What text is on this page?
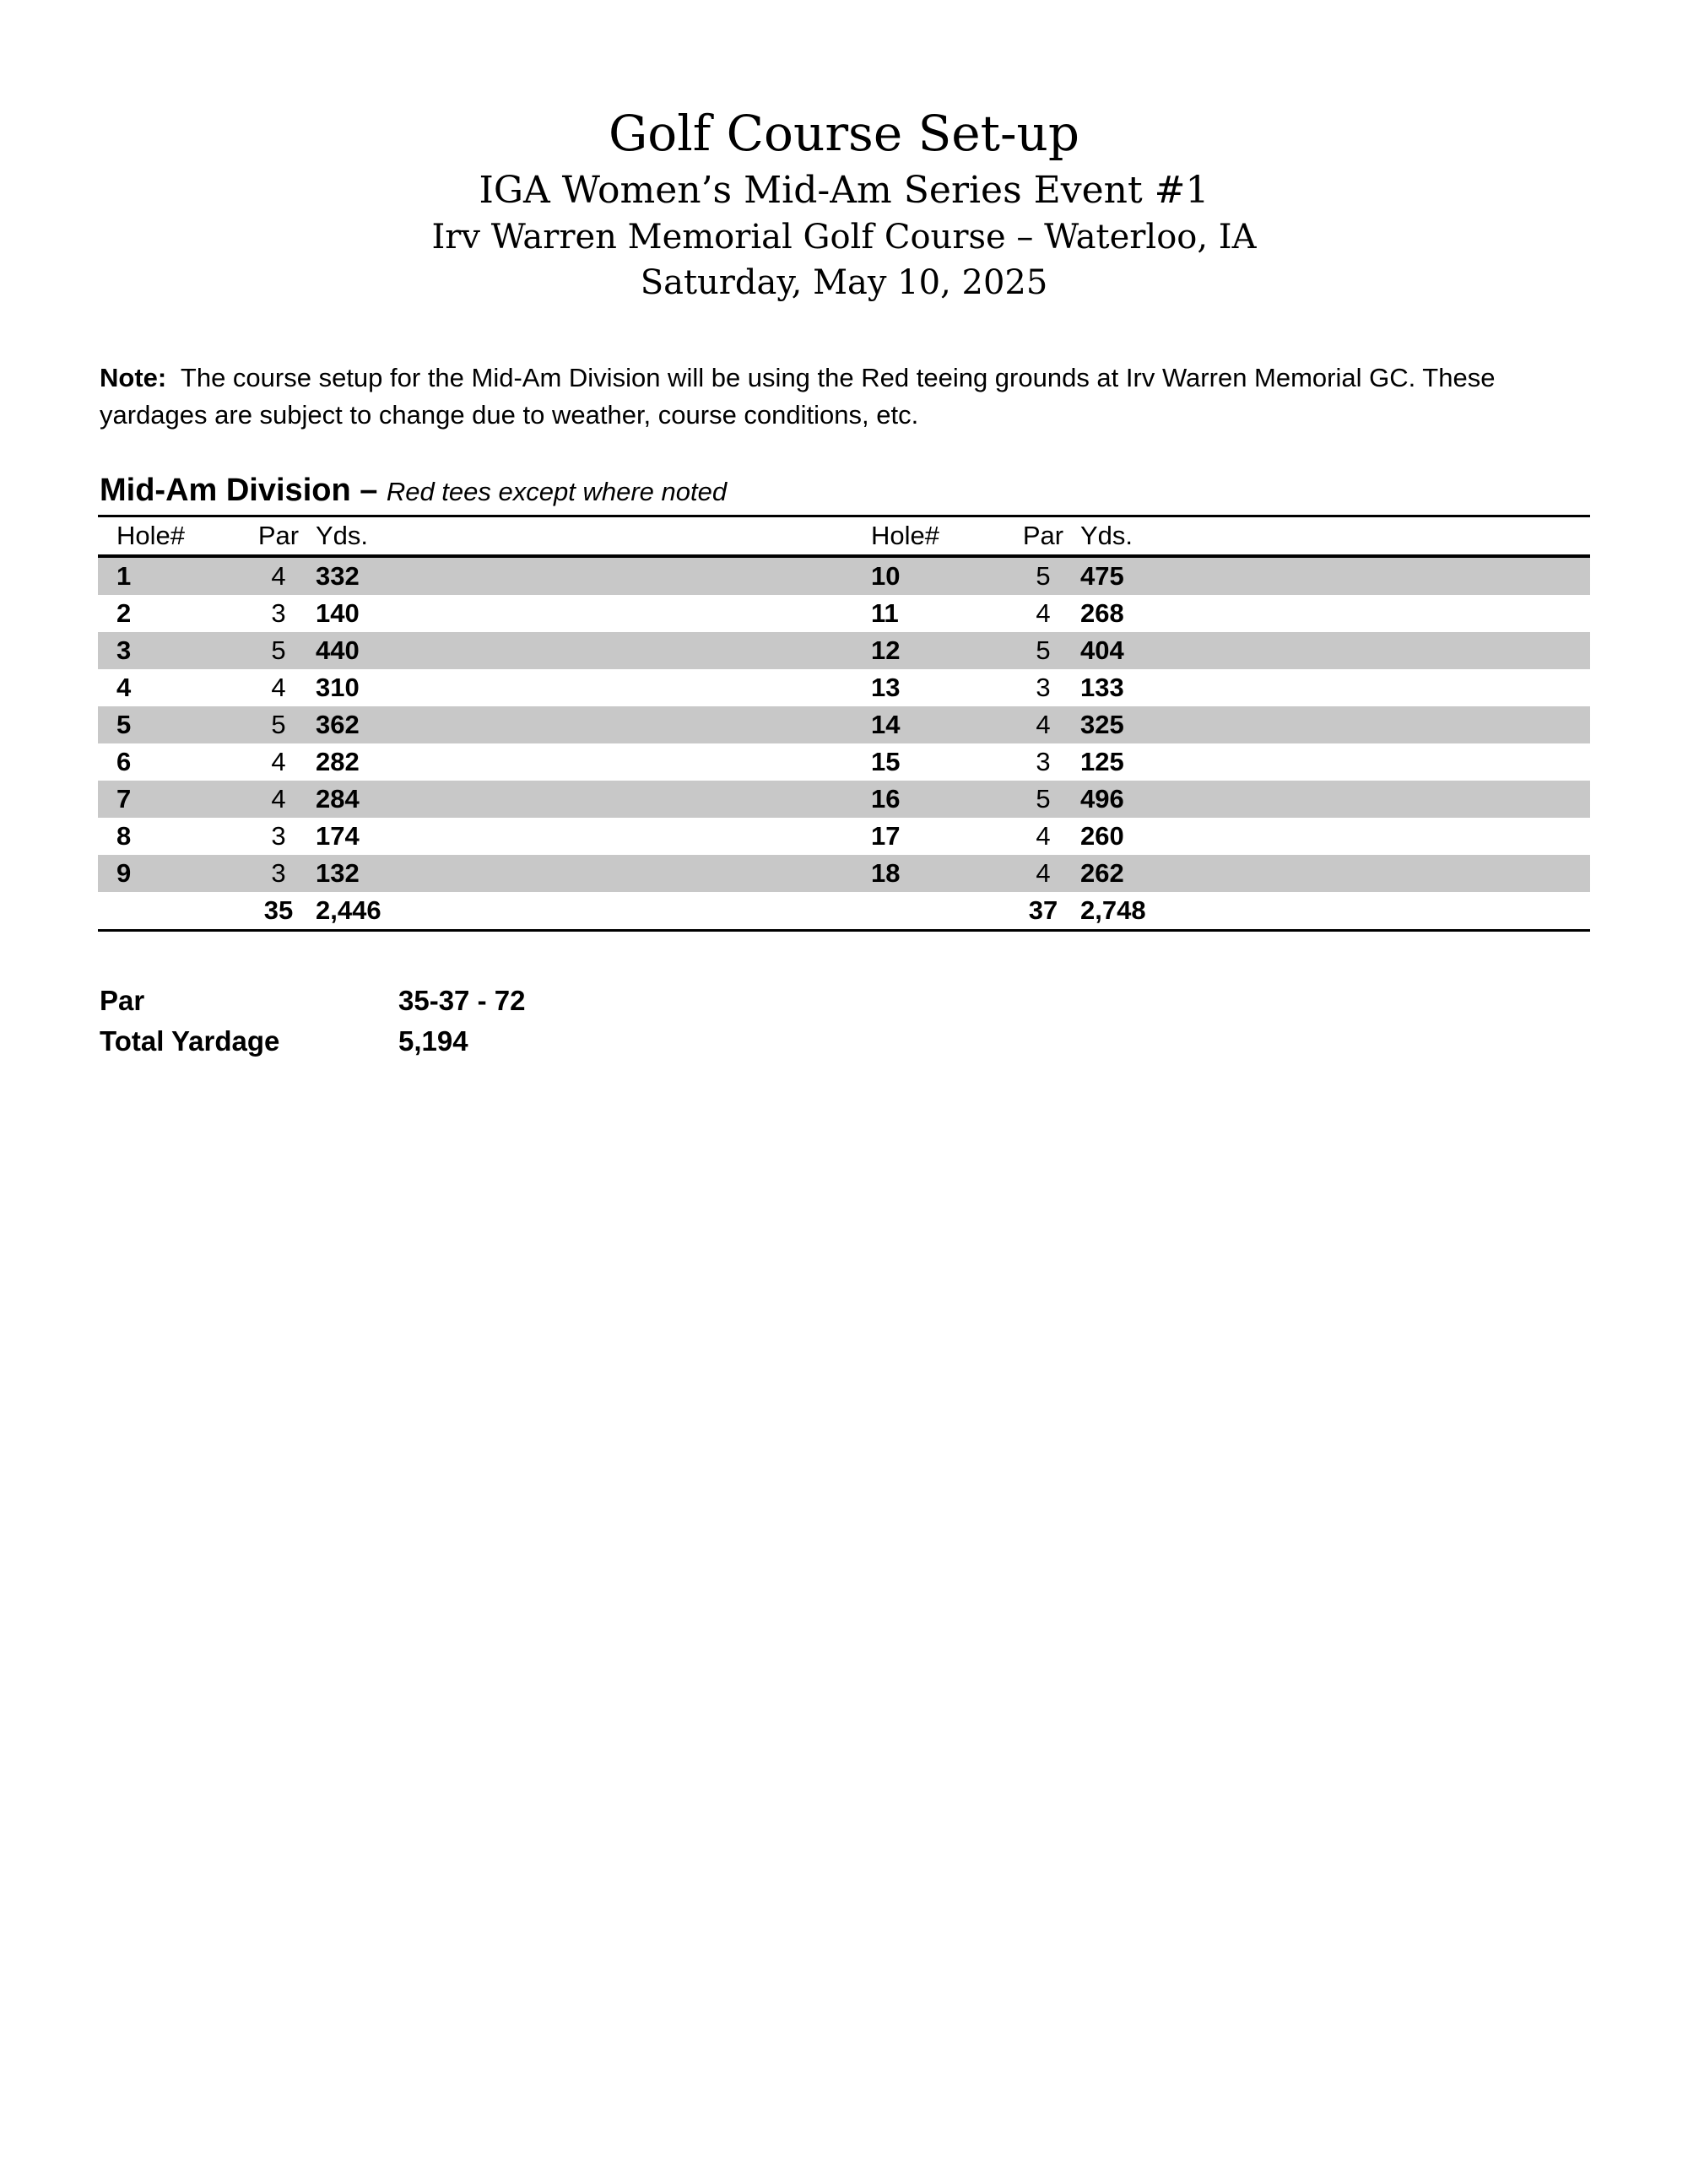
Golf Course Set-up
IGA Women’s Mid-Am Series Event #1
Irv Warren Memorial Golf Course – Waterloo, IA
Saturday, May 10, 2025
Note: The course setup for the Mid-Am Division will be using the Red teeing grounds at Irv Warren Memorial GC. These yardages are subject to change due to weather, course conditions, etc.
Mid-Am Division – Red tees except where noted
Hole#	Par	Yds.		Hole#	Par	Yds.	
1	4	332		10	5	475	
2	3	140		11	4	268	
3	5	440		12	5	404	
4	4	310		13	3	133	
5	5	362		14	4	325	
6	4	282		15	3	125	
7	4	284		16	5	496	
8	3	174		17	4	260	
9	3	132		18	4	262	
	35	2,446			37	2,748	
Par	35-37 - 72
Total Yardage	5,194
